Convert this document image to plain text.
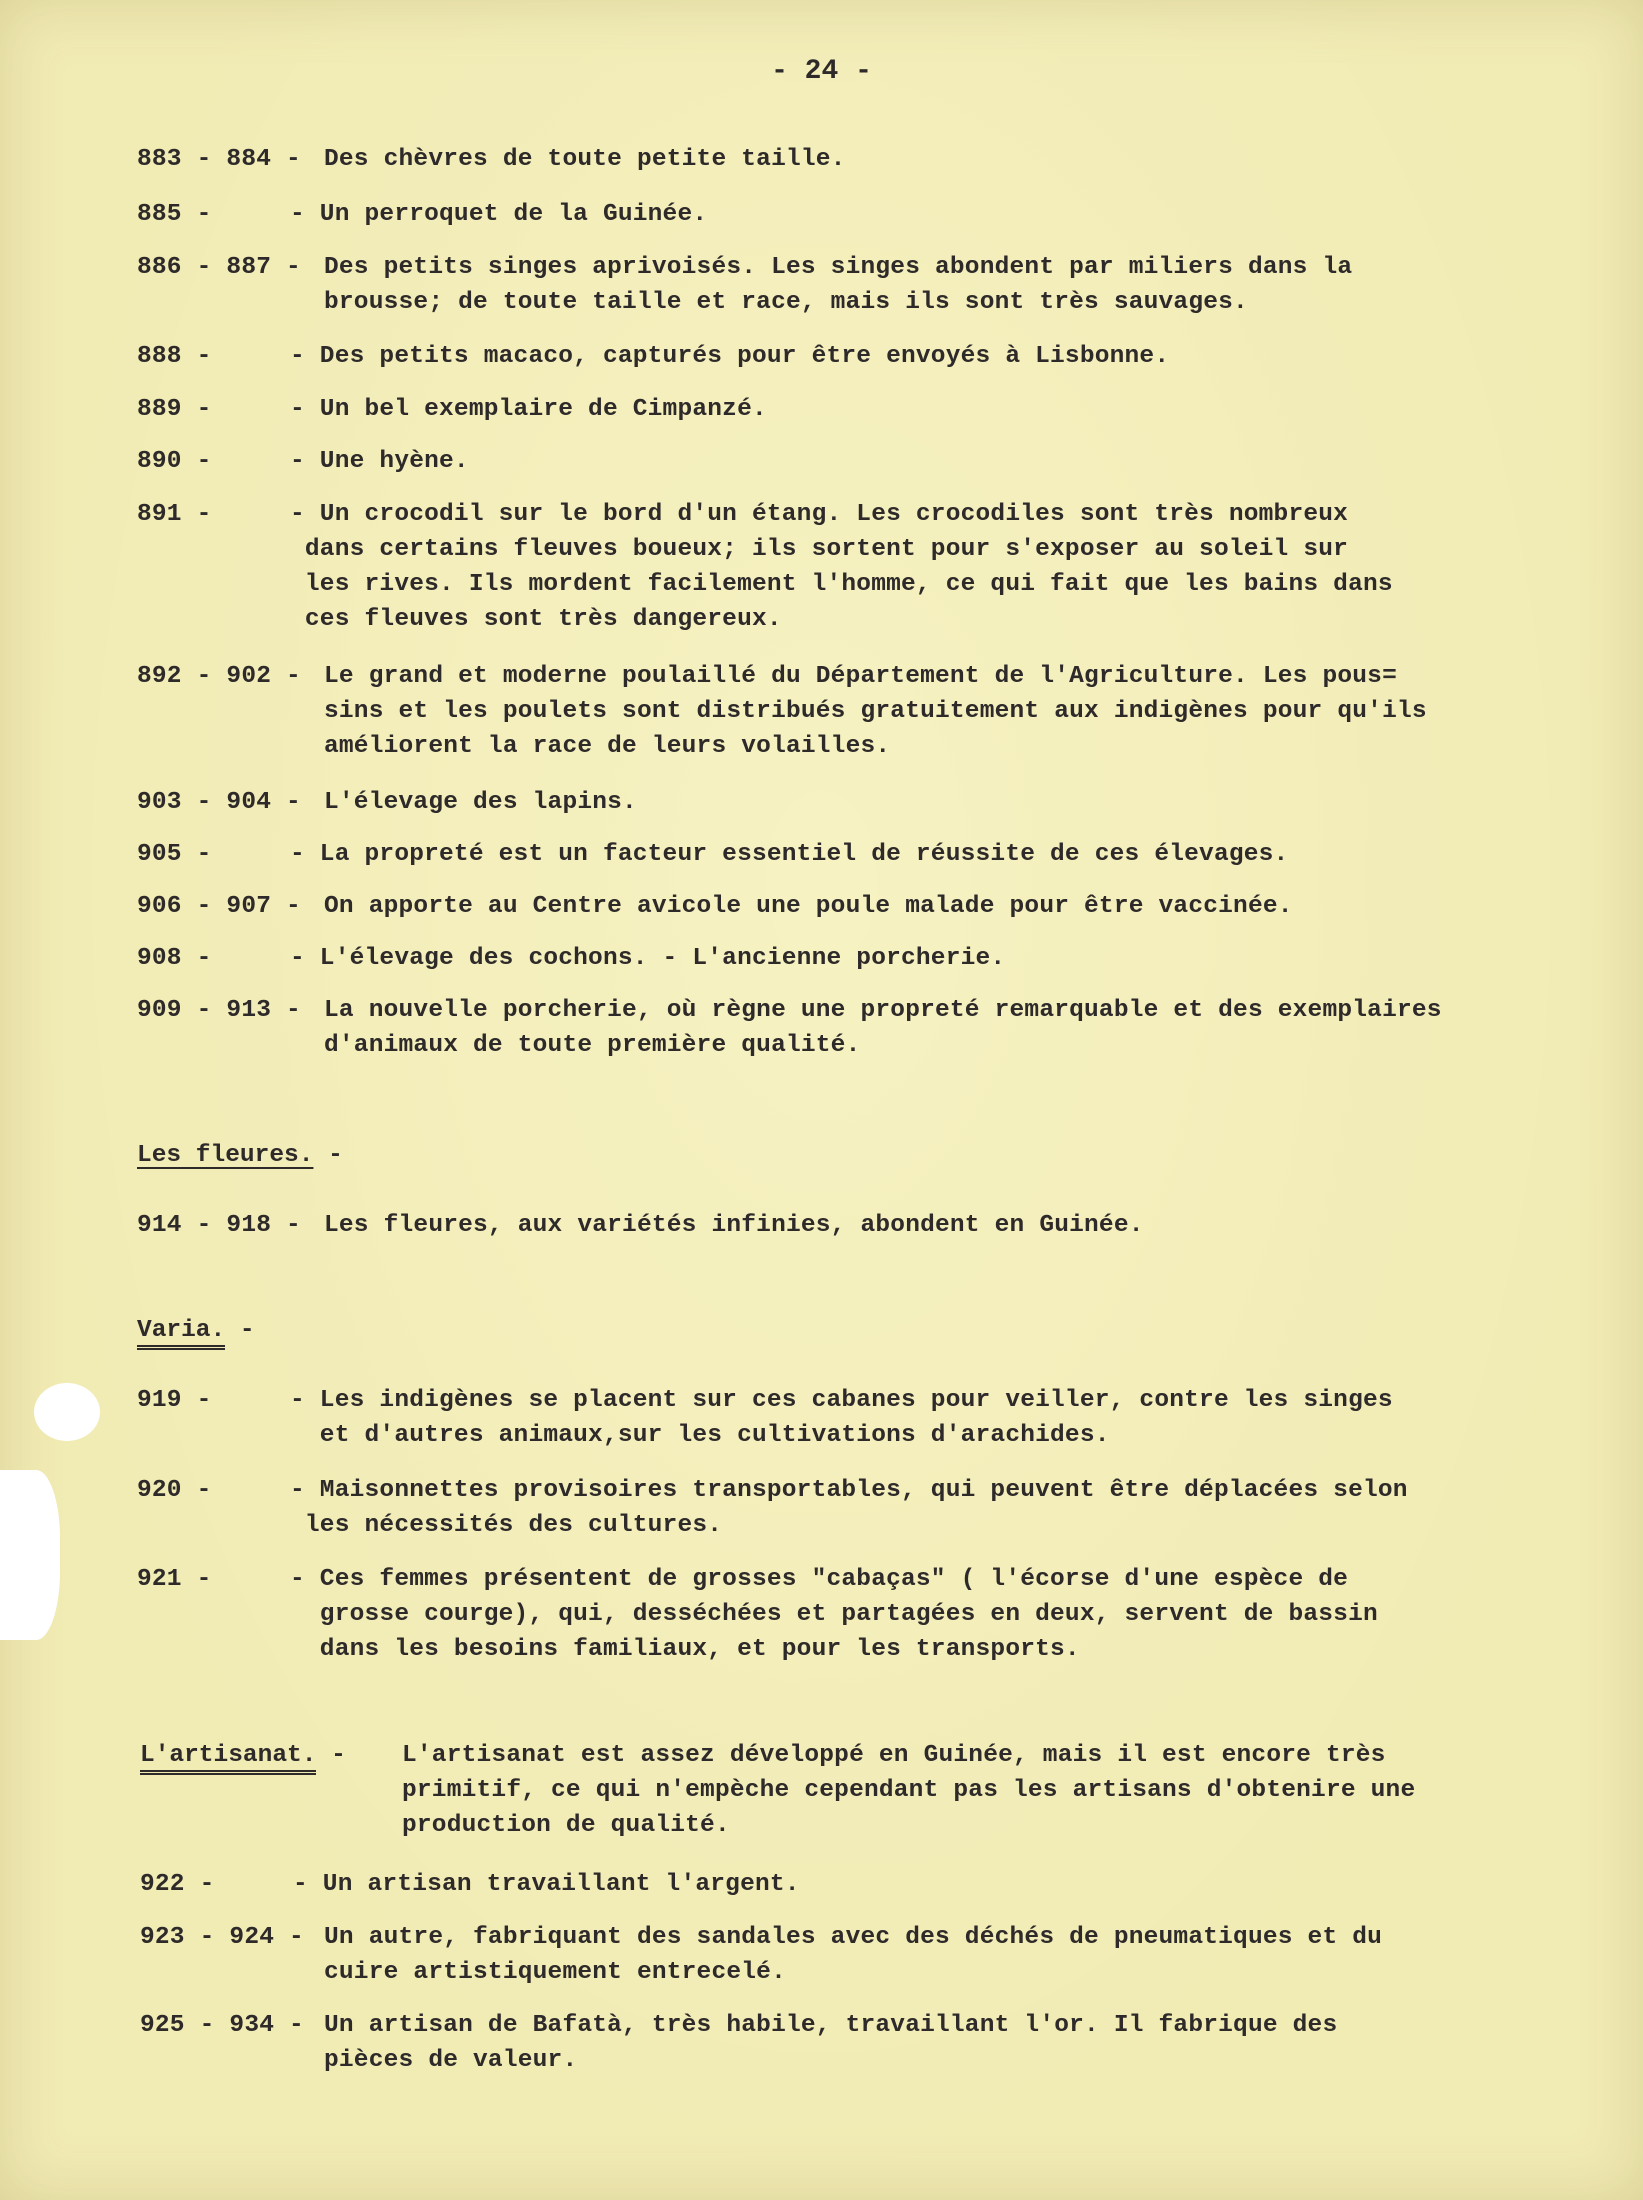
- 24 -
883 - 884 - Des chèvres de toute petite taille.
885 -	- Un perroquet de la Guinée.
886 - 887 - Des petits singes aprivoisés. Les singes abondent par miliers dans la
brousse; de toute taille et race, mais ils sont très sauvages.
888 -	- Des petits macaco, capturés pour être envoyés à Lisbonne.
889 -	- Un bel exemplaire de Cimpanzé.
890 -	- Une hyène.
891 -	- Un crocodil sur le bord d'un étang. Les crocodiles sont très nombreux
dans certains fleuves boueux; ils sortent pour s'exposer au soleil sur
les rives. Ils mordent facilement l'homme, ce qui fait que les bains dans
ces fleuves sont très dangereux.
892 - 902 - Le grand et moderne poulaillé du Département de l'Agriculture. Les pous=
sins et les poulets sont distribués gratuitement aux indigènes pour qu'ils
améliorent la race de leurs volailles.
903 - 904 - L'élevage des lapins.
905 -	- La propreté est un facteur essentiel de réussite de ces élevages.
906 - 907 - On apporte au Centre avicole une poule malade pour être vaccinée.
908 -	- L'élevage des cochons. - L'ancienne porcherie.
909 - 913 - La nouvelle porcherie, où règne une propreté remarquable et des exemplaires
d'animaux de toute première qualité.
Les fleures. -
914 - 918 - Les fleures, aux variétés infinies, abondent en Guinée.
Varia. -
919 -	- Les indigènes se placent sur ces cabanes pour veiller, contre les singes
et d'autres animaux,sur les cultivations d'arachides.
920 -	- Maisonnettes provisoires transportables, qui peuvent être déplacées selon
les nécessités des cultures.
921 -	- Ces femmes présentent de grosses "cabaças" ( l'écorse d'une espèce de
grosse courge), qui, desséchées et partagées en deux, servent de bassin
dans les besoins familiaux, et pour les transports.
L'artisanat. - L'artisanat est assez développé en Guinée, mais il est encore très
primitif, ce qui n'empèche cependant pas les artisans d'obtenire une
production de qualité.
922 -	- Un artisan travaillant l'argent.
923 - 924 - Un autre, fabriquant des sandales avec des déchés de pneumatiques et du
cuire artistiquement entrecelé.
925 - 934 - Un artisan de Bafatà, très habile, travaillant l'or. Il fabrique des
pièces de valeur.
